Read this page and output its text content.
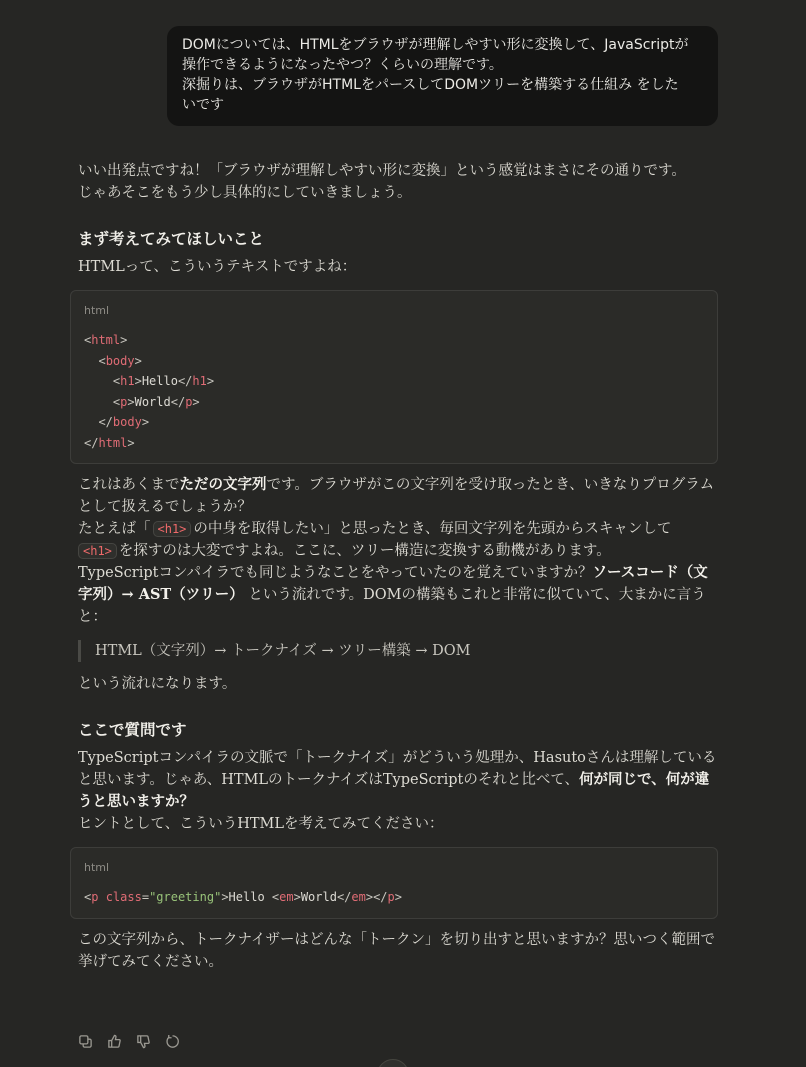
DOMについては、HTMLをブラウザが理解しやすい形に変換して、JavaScriptが
操作できるようになったやつ？くらいの理解です。
深掘りは、ブラウザがHTMLをパースしてDOMツリーを構築する仕組み をした
いです

いい出発点ですね！「ブラウザが理解しやすい形に変換」という感覚はまさにその通りです。

じゃあそこをもう少し具体的にしていきましょう。

まず考えてみてほしいこと

HTMLって、こういうテキストですよね：

html
<html>
<body>
<h1>Hello</h1>
<p>World</p>
</body>
</html>

これはあくまでただの文字列です。ブラウザがこの文字列を受け取ったとき、いきなりプログラムとして扱えるでしょうか？

たとえば「 <h1> の中身を取得したい」と思ったとき、毎回文字列を先頭からスキャンして
<h1> を探すのは大変ですよね。ここに、ツリー構造に変換する動機があります。

TypeScriptコンパイラでも同じようなことをやっていたのを覚えていますか？ソースコード（文字列）→ AST（ツリー） という流れです。DOMの構築もこれと非常に似ていて、大まかに言うと：

HTML（文字列）→ トークナイズ → ツリー構築 → DOM

という流れになります。

ここで質問です

TypeScriptコンパイラの文脈で「トークナイズ」がどういう処理か、Hasutoさんは理解していると思います。じゃあ、HTMLのトークナイズはTypeScriptのそれと比べて、何が同じで、何が違うと思いますか？

ヒントとして、こういうHTMLを考えてみてください：

html
<p class="greeting">Hello <em>World</em></p>

この文字列から、トークナイザーはどんな「トークン」を切り出すと思いますか？思いつく範囲で挙げてみてください。
